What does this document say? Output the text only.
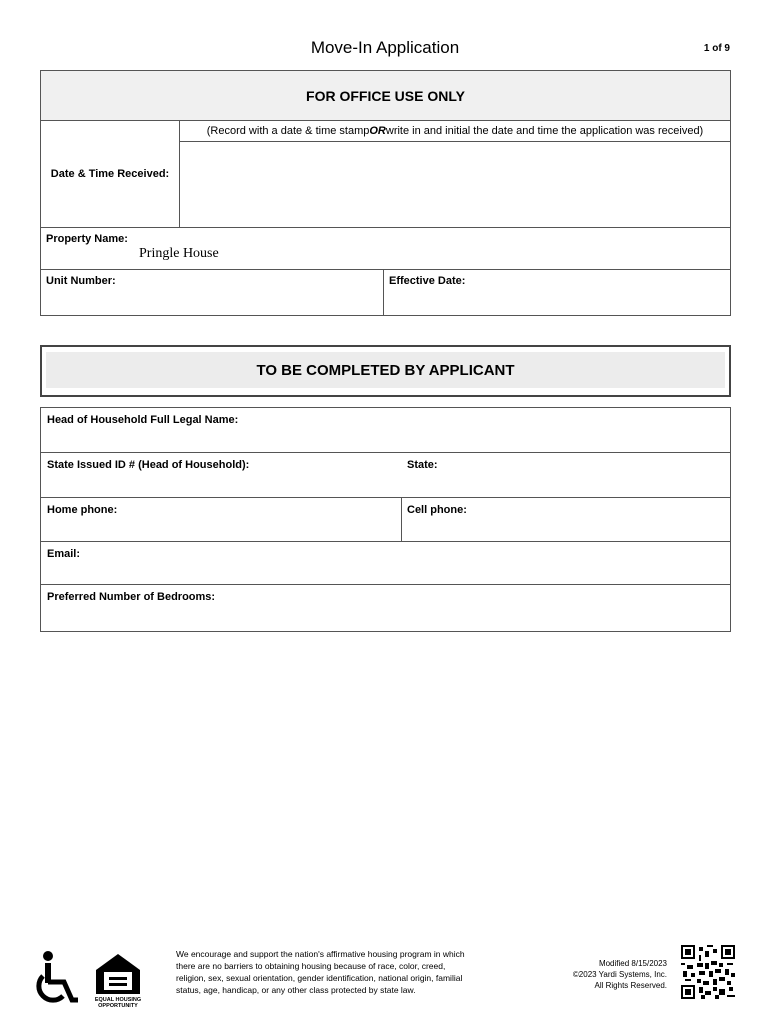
Move-In Application	1 of 9
FOR OFFICE USE ONLY
Date & Time Received:
(Record with a date & time stamp OR write in and initial the date and time the application was received)
Property Name:
Pringle House
Unit Number:	Effective Date:
TO BE COMPLETED BY APPLICANT
Head of Household Full Legal Name:
State Issued ID # (Head of Household):	State:
Home phone:	Cell phone:
Email:
Preferred Number of Bedrooms:
EQUAL HOUSING
OPPORTUNITY
We encourage and support the nation's affirmative housing program in which there are no barriers to obtaining housing because of race, color, creed, religion, sex, sexual orientation, gender identification, national origin, familial status, age, handicap, or any other class protected by state law.
Modified 8/15/2023
©2023 Yardi Systems, Inc.
All Rights Reserved.
